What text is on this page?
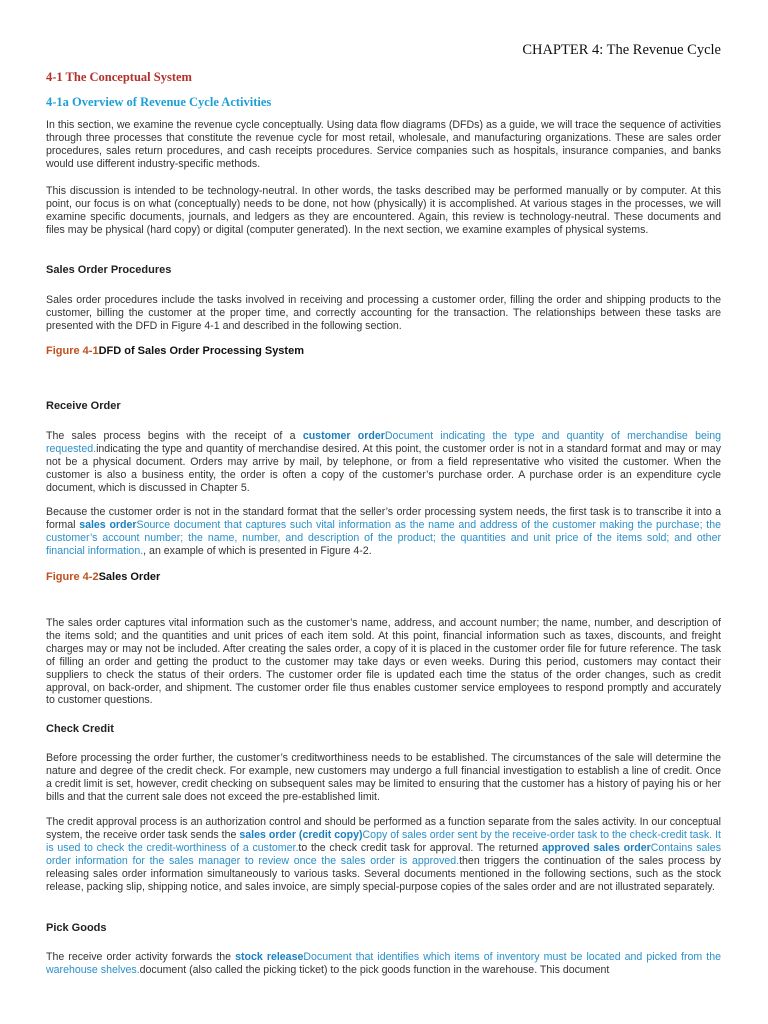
CHAPTER 4: The Revenue Cycle
4-1 The Conceptual System
4-1a Overview of Revenue Cycle Activities

In this section, we examine the revenue cycle conceptually. Using data flow diagrams (DFDs) as a guide, we will trace the sequence of activities through three processes that constitute the revenue cycle for most retail, wholesale, and manufacturing organizations. These are sales order procedures, sales return procedures, and cash receipts procedures. Service companies such as hospitals, insurance companies, and banks would use different industry-specific methods.

This discussion is intended to be technology-neutral. In other words, the tasks described may be performed manually or by computer. At this point, our focus is on what (conceptually) needs to be done, not how (physically) it is accomplished. At various stages in the processes, we will examine specific documents, journals, and ledgers as they are encountered. Again, this review is technology-neutral. These documents and files may be physical (hard copy) or digital (computer generated). In the next section, we examine examples of physical systems.

Sales Order Procedures

Sales order procedures include the tasks involved in receiving and processing a customer order, filling the order and shipping products to the customer, billing the customer at the proper time, and correctly accounting for the transaction. The relationships between these tasks are presented with the DFD in Figure 4-1 and described in the following section.

Figure 4-1DFD of Sales Order Processing System
Receive Order

The sales process begins with the receipt of a customer orderDocument indicating the type and quantity of merchandise being requested.indicating the type and quantity of merchandise desired. At this point, the customer order is not in a standard format and may or may not be a physical document. Orders may arrive by mail, by telephone, or from a field representative who visited the customer. When the customer is also a business entity, the order is often a copy of the customer’s purchase order. A purchase order is an expenditure cycle document, which is discussed in Chapter 5.

Because the customer order is not in the standard format that the seller’s order processing system needs, the first task is to transcribe it into a formal sales orderSource document that captures such vital information as the name and address of the customer making the purchase; the customer’s account number; the name, number, and description of the product; the quantities and unit price of the items sold; and other financial information., an example of which is presented in Figure 4-2.

Figure 4-2Sales Order

The sales order captures vital information such as the customer’s name, address, and account number; the name, number, and description of the items sold; and the quantities and unit prices of each item sold. At this point, financial information such as taxes, discounts, and freight charges may or may not be included. After creating the sales order, a copy of it is placed in the customer order file for future reference. The task of filling an order and getting the product to the customer may take days or even weeks. During this period, customers may contact their suppliers to check the status of their orders. The customer order file is updated each time the status of the order changes, such as credit approval, on back-order, and shipment. The customer order file thus enables customer service employees to respond promptly and accurately to customer questions.

Check Credit

Before processing the order further, the customer’s creditworthiness needs to be established. The circumstances of the sale will determine the nature and degree of the credit check. For example, new customers may undergo a full financial investigation to establish a line of credit. Once a credit limit is set, however, credit checking on subsequent sales may be limited to ensuring that the customer has a history of paying his or her bills and that the current sale does not exceed the pre-established limit.

The credit approval process is an authorization control and should be performed as a function separate from the sales activity. In our conceptual system, the receive order task sends the sales order (credit copy)Copy of sales order sent by the receive-order task to the check-credit task. It is used to check the credit-worthiness of a customer.to the check credit task for approval. The returned approved sales orderContains sales order information for the sales manager to review once the sales order is approved.then triggers the continuation of the sales process by releasing sales order information simultaneously to various tasks. Several documents mentioned in the following sections, such as the stock release, packing slip, shipping notice, and sales invoice, are simply special-purpose copies of the sales order and are not illustrated separately.

Pick Goods

The receive order activity forwards the stock releaseDocument that identifies which items of inventory must be located and picked from the warehouse shelves.document (also called the picking ticket) to the pick goods function in the warehouse. This document
